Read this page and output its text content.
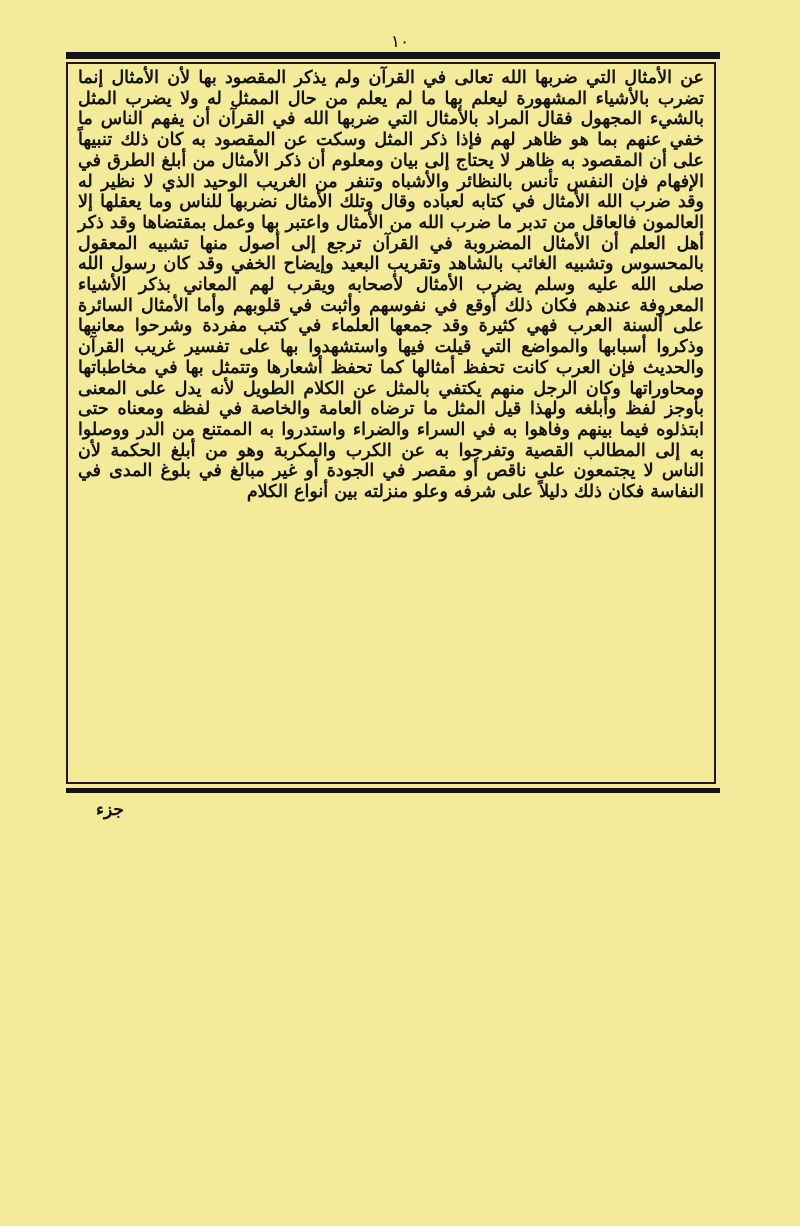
١٠

عن الأمثال التي ضربها الله تعالى في القرآن ولم يذكر المقصود بها لأن الأمثال إنما تضرب بالأشياء المشهورة ليعلم بها ما لم يعلم من حال الممثل له ولا يضرب المثل بالشيء المجهول فقال المراد بالأمثال التي ضربها الله في القرآن أن يفهم الناس ما خفي عنهم بما هو ظاهر لهم فإذا ذكر المثل وسكت عن المقصود به كان ذلك تنبيهاً على أن المقصود به ظاهر لا يحتاج إلى بيان ومعلوم أن ذكر الأمثال من أبلغ الطرق في الإفهام فإن النفس تأنس بالنظائر والأشباه وتنفر من الغريب الوحيد الذي لا نظير له وقد ضرب الله الأمثال في كتابه لعباده وقال وتلك الأمثال نضربها للناس وما يعقلها إلا العالمون فالعاقل من تدبر ما ضرب الله من الأمثال واعتبر بها وعمل بمقتضاها وقد ذكر أهل العلم أن الأمثال المضروبة في القرآن ترجع إلى أصول منها تشبيه المعقول بالمحسوس وتشبيه الغائب بالشاهد وتقريب البعيد وإيضاح الخفي وقد كان رسول الله صلى الله عليه وسلم يضرب الأمثال لأصحابه ويقرب لهم المعاني بذكر الأشياء المعروفة عندهم فكان ذلك أوقع في نفوسهم وأثبت في قلوبهم وأما الأمثال السائرة على ألسنة العرب فهي كثيرة وقد جمعها العلماء في كتب مفردة وشرحوا معانيها وذكروا أسبابها والمواضع التي قيلت فيها واستشهدوا بها على تفسير غريب القرآن والحديث فإن العرب كانت تحفظ أمثالها كما تحفظ أشعارها وتتمثل بها في مخاطباتها ومحاوراتها وكان الرجل منهم يكتفي بالمثل عن الكلام الطويل لأنه يدل على المعنى بأوجز لفظ وأبلغه ولهذا قيل المثل ما ترضاه العامة والخاصة في لفظه ومعناه حتى ابتذلوه فيما بينهم وفاهوا به في السراء والضراء واستدروا به الممتنع من الدر ووصلوا به إلى المطالب القصية وتفرجوا به عن الكرب والمكربة وهو من أبلغ الحكمة لأن الناس لا يجتمعون على ناقص أو مقصر في الجودة أو غير مبالغ في بلوغ المدى في النفاسة فكان ذلك دليلاً على شرفه وعلو منزلته بين أنواع الكلام

جزء
